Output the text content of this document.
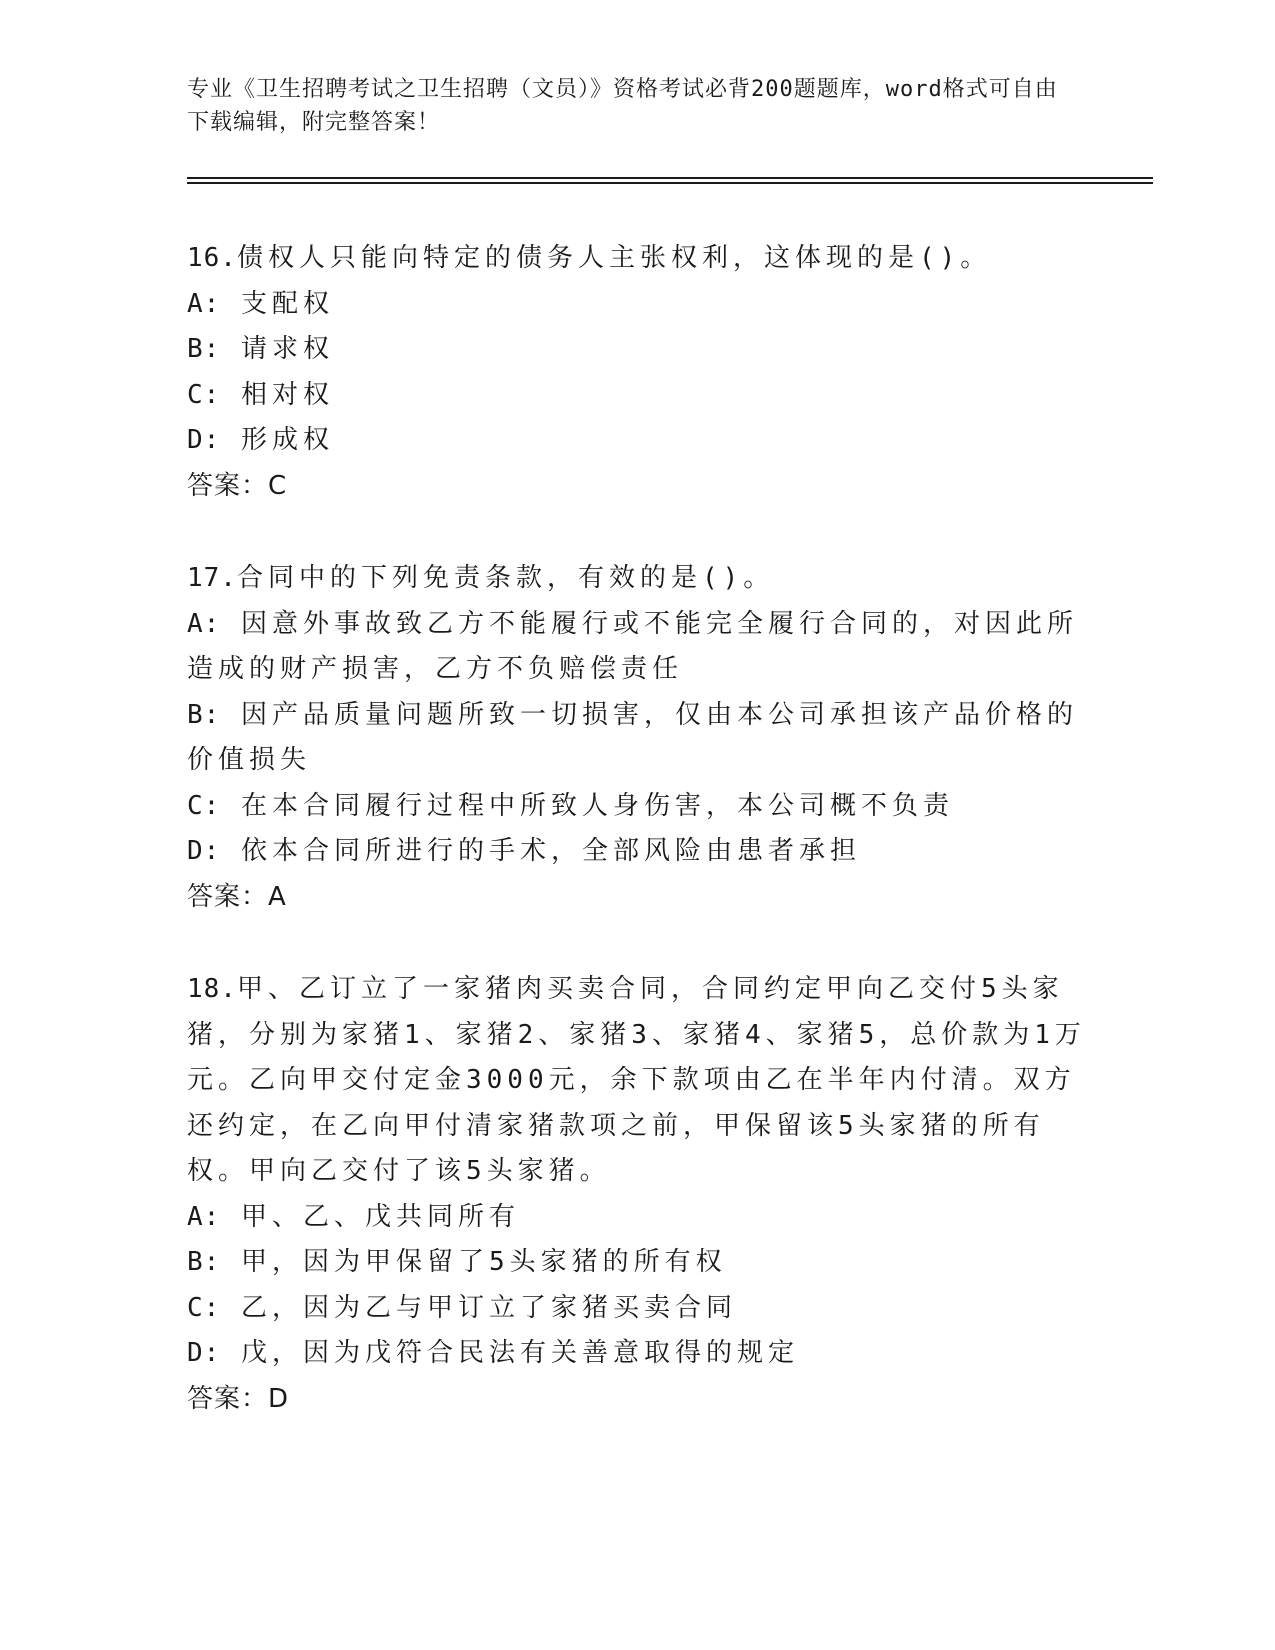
专业《卫生招聘考试之卫生招聘（文员）》资格考试必背200题题库，word格式可自由下载编辑，附完整答案！
16.债权人只能向特定的债务人主张权利，这体现的是()。
A: 支配权
B: 请求权
C: 相对权
D: 形成权
答案：C
17.合同中的下列免责条款，有效的是()。
A: 因意外事故致乙方不能履行或不能完全履行合同的，对因此所造成的财产损害，乙方不负赔偿责任
B: 因产品质量问题所致一切损害，仅由本公司承担该产品价格的价值损失
C: 在本合同履行过程中所致人身伤害，本公司概不负责
D: 依本合同所进行的手术，全部风险由患者承担
答案：A
18.甲、乙订立了一家猪肉买卖合同，合同约定甲向乙交付5头家猪，分别为家猪1、家猪2、家猪3、家猪4、家猪5，总价款为1万元。乙向甲交付定金3000元，余下款项由乙在半年内付清。双方还约定，在乙向甲付清家猪款项之前，甲保留该5头家猪的所有权。甲向乙交付了该5头家猪。
A: 甲、乙、戊共同所有
B: 甲，因为甲保留了5头家猪的所有权
C: 乙，因为乙与甲订立了家猪买卖合同
D: 戊，因为戊符合民法有关善意取得的规定
答案：D
